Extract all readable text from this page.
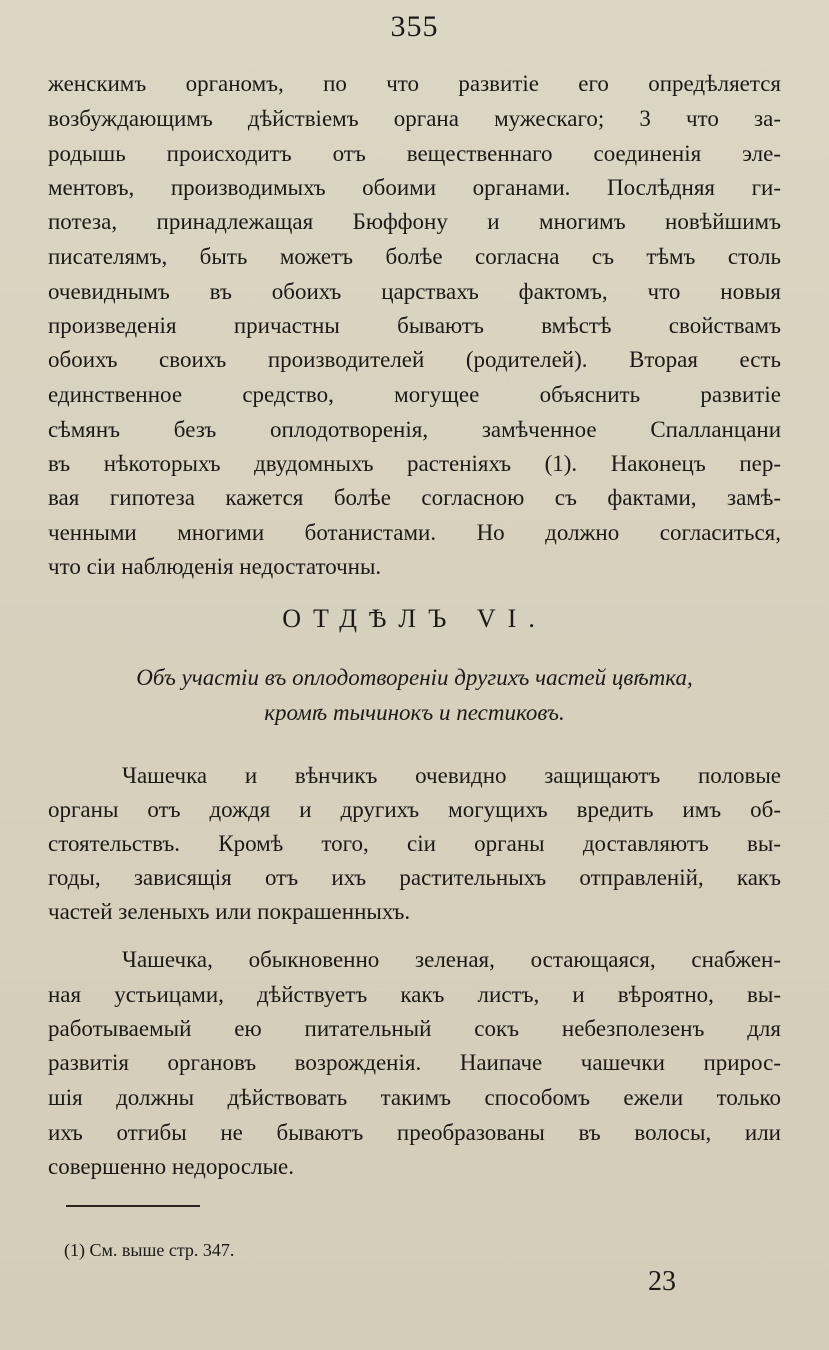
355
женскимъ органомъ, по что развитіе его опредѣляется
возбуждающимъ дѣйствіемъ органа мужескаго; 3 что за-
родышь происходитъ отъ вещественнаго соединенія эле-
ментовъ, производимыхъ обоими органами. Послѣдняя ги-
потеза, принадлежащая Бюффону и многимъ новѣйшимъ
писателямъ, быть можетъ болѣе согласна съ тѣмъ столь
очевиднымъ въ обоихъ царствахъ фактомъ, что новыя
произведенія причастны бываютъ вмѣстѣ свойствамъ
обоихъ своихъ производителей (родителей). Вторая есть
единственное средство, могущее объяснить развитіе
сѣмянъ безъ оплодотворенія, замѣченное Спалланцани
въ нѣкоторыхъ двудомныхъ растеніяхъ (1). Наконецъ пер-
вая гипотеза кажется болѣе согласною съ фактами, замѣ-
ченными многими ботанистами. Но должно согласиться,
что сіи наблюденія недостаточны.
ОТДѢЛЪ VI.
Объ участіи въ оплодотвореніи другихъ частей цвѣтка,
кромѣ тычинокъ и пестиковъ.
Чашечка и вѣнчикъ очевидно защищаютъ половые
органы отъ дождя и другихъ могущихъ вредить имъ об-
стоятельствъ. Кромѣ того, сіи органы доставляютъ вы-
годы, зависящія отъ ихъ растительныхъ отправленій, какъ
частей зеленыхъ или покрашенныхъ.
Чашечка, обыкновенно зеленая, остающаяся, снабжен-
ная устьицами, дѣйствуетъ какъ листъ, и вѣроятно, вы-
работываемый ею питательный сокъ небезполезенъ для
развитія органовъ возрожденія. Наипаче чашечки прирос-
шія должны дѣйствовать такимъ способомъ ежели только
ихъ отгибы не бываютъ преобразованы въ волосы, или
совершенно недорослые.
(1) См. выше стр. 347.
23
